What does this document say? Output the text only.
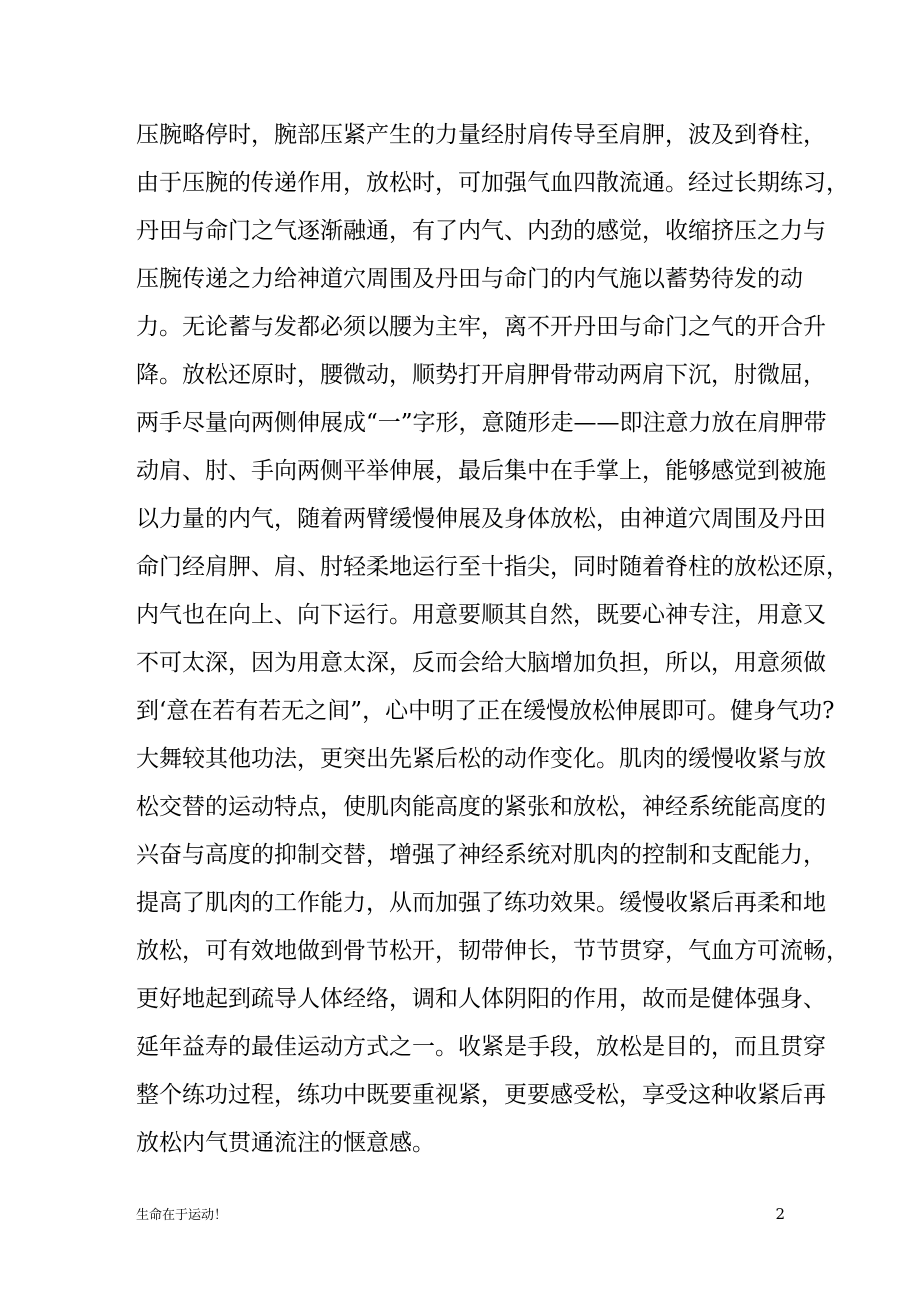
压腕略停时，腕部压紧产生的力量经肘肩传导至肩胛，波及到脊柱，
由于压腕的传递作用，放松时，可加强气血四散流通。经过长期练习，
丹田与命门之气逐渐融通，有了内气、内劲的感觉，收缩挤压之力与
压腕传递之力给神道穴周围及丹田与命门的内气施以蓄势待发的动
力。无论蓄与发都必须以腰为主牢，离不开丹田与命门之气的开合升
降。放松还原时，腰微动，顺势打开肩胛骨带动两肩下沉，肘微屈，
两手尽量向两侧伸展成“一”字形，意随形走——即注意力放在肩胛带
动肩、肘、手向两侧平举伸展，最后集中在手掌上，能够感觉到被施
以力量的内气，随着两臂缓慢伸展及身体放松，由神道穴周围及丹田
命门经肩胛、肩、肘轻柔地运行至十指尖，同时随着脊柱的放松还原，
内气也在向上、向下运行。用意要顺其自然，既要心神专注，用意又
不可太深，因为用意太深，反而会给大脑增加负担，所以，用意须做
到‘意在若有若无之间”，心中明了正在缓慢放松伸展即可。健身气功?
大舞较其他功法，更突出先紧后松的动作变化。肌肉的缓慢收紧与放
松交替的运动特点，使肌肉能高度的紧张和放松，神经系统能高度的
兴奋与高度的抑制交替，增强了神经系统对肌肉的控制和支配能力，
提高了肌肉的工作能力，从而加强了练功效果。缓慢收紧后再柔和地
放松，可有效地做到骨节松开，韧带伸长，节节贯穿，气血方可流畅，
更好地起到疏导人体经络，调和人体阴阳的作用，故而是健体强身、
延年益寿的最佳运动方式之一。收紧是手段，放松是目的，而且贯穿
整个练功过程，练功中既要重视紧，更要感受松，享受这种收紧后再
放松内气贯通流注的惬意感。
生命在于运动！	2
